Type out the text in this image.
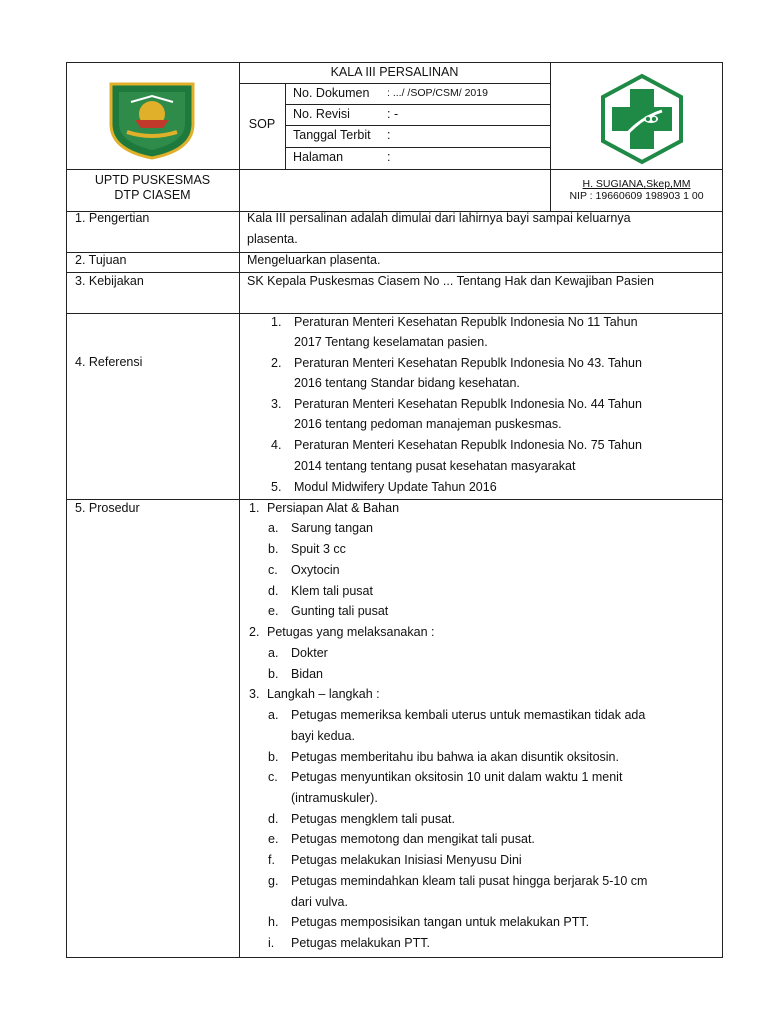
KALA III PERSALINAN
SOP
No. Dokumen : .../ /SOP/CSM/ 2019
No. Revisi	: -
Tanggal Terbit :
Halaman	:
UPTD PUSKESMAS
DTP CIASEM
H. SUGIANA,Skep,MM
NIP : 19660609 198903 1 00
1. Pengertian
2. Tujuan
3. Kebijakan
4. Referensi
5. Prosedur
Kala III persalinan adalah dimulai dari lahirnya bayi sampai keluarnya
plasenta.
Mengeluarkan plasenta.
SK Kepala Puskesmas Ciasem No ... Tentang Hak dan Kewajiban Pasien
1. Peraturan Menteri Kesehatan Republk Indonesia No 11 Tahun
2017 Tentang keselamatan pasien.
2. Peraturan Menteri Kesehatan Republk Indonesia No 43. Tahun
2016 tentang Standar bidang kesehatan.
3. Peraturan Menteri Kesehatan Republk Indonesia No. 44 Tahun
2016 tentang pedoman manajeman puskesmas.
4. Peraturan Menteri Kesehatan Republk Indonesia No. 75 Tahun
2014 tentang tentang pusat kesehatan masyarakat
5. Modul Midwifery Update Tahun 2016
1. Persiapan Alat & Bahan
a. Sarung tangan
b. Spuit 3 cc
c. Oxytocin
d. Klem tali pusat
e. Gunting tali pusat
2. Petugas yang melaksanakan :
a. Dokter
b. Bidan
3. Langkah – langkah :
a. Petugas memeriksa kembali uterus untuk memastikan tidak ada
bayi kedua.
b. Petugas memberitahu ibu bahwa ia akan disuntik oksitosin.
c. Petugas menyuntikan oksitosin 10 unit dalam waktu 1 menit
(intramuskuler).
d. Petugas mengklem tali pusat.
e. Petugas memotong dan mengikat tali pusat.
f. Petugas melakukan Inisiasi Menyusu Dini
g. Petugas memindahkan kleam tali pusat hingga berjarak 5-10 cm
dari vulva.
h. Petugas memposisikan tangan untuk melakukan PTT.
i. Petugas melakukan PTT.
